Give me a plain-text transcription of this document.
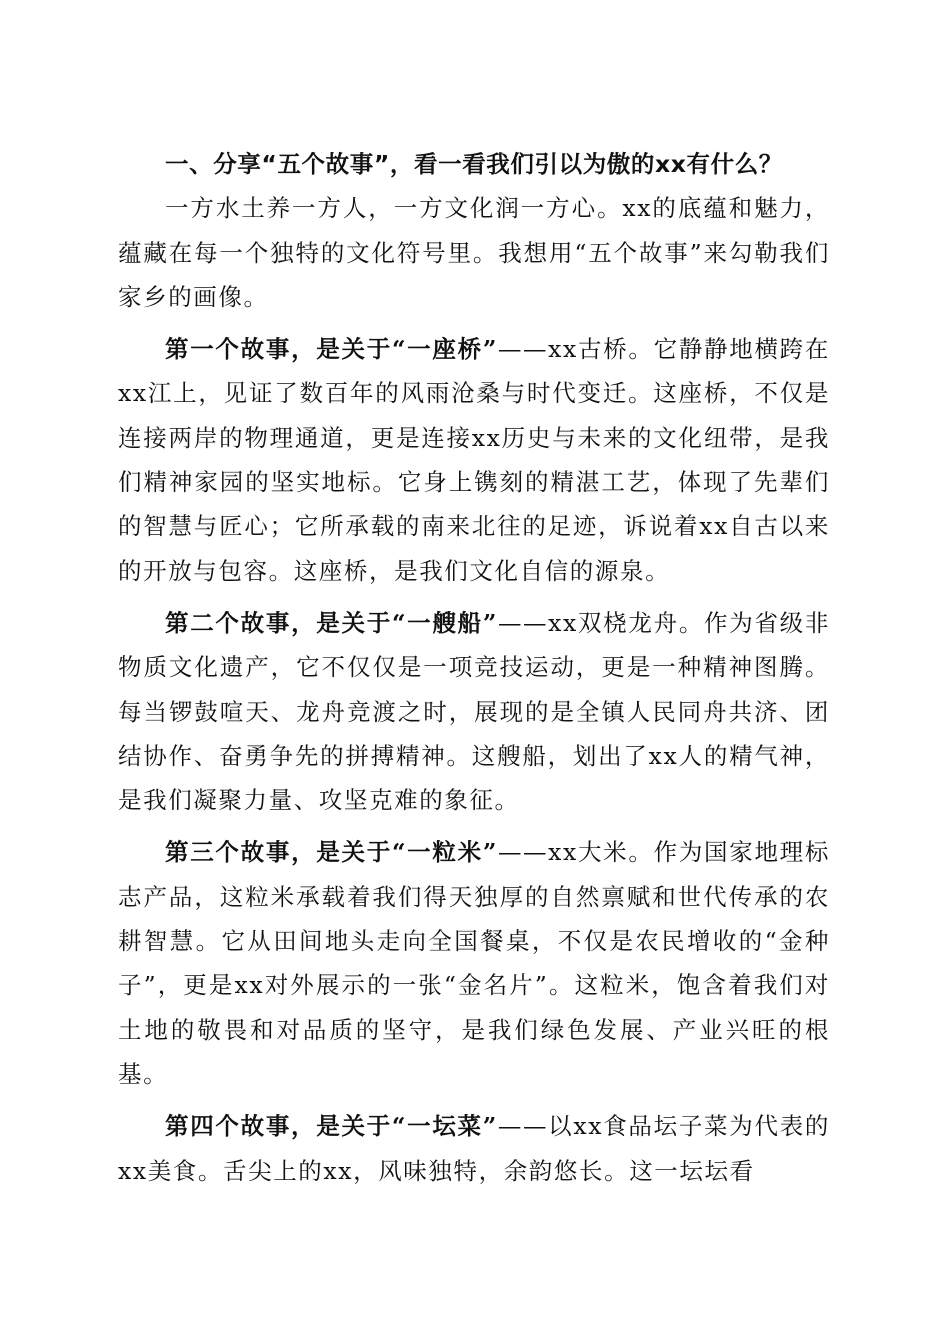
一、分享“五个故事”，看一看我们引以为傲的xx有什么？

一方水土养一方人，一方文化润一方心。xx的底蕴和魅力，蕴藏在每一个独特的文化符号里。我想用“五个故事”来勾勒我们家乡的画像。

第一个故事，是关于“一座桥”——xx古桥。它静静地横跨在xx江上，见证了数百年的风雨沧桑与时代变迁。这座桥，不仅是连接两岸的物理通道，更是连接xx历史与未来的文化纽带，是我们精神家园的坚实地标。它身上镌刻的精湛工艺，体现了先辈们的智慧与匠心；它所承载的南来北往的足迹，诉说着xx自古以来的开放与包容。这座桥，是我们文化自信的源泉。

第二个故事，是关于“一艘船”——xx双桡龙舟。作为省级非物质文化遗产，它不仅仅是一项竞技运动，更是一种精神图腾。每当锣鼓喧天、龙舟竞渡之时，展现的是全镇人民同舟共济、团结协作、奋勇争先的拼搏精神。这艘船，划出了xx人的精气神，是我们凝聚力量、攻坚克难的象征。

第三个故事，是关于“一粒米”——xx大米。作为国家地理标志产品，这粒米承载着我们得天独厚的自然禀赋和世代传承的农耕智慧。它从田间地头走向全国餐桌，不仅是农民增收的“金种子”，更是xx对外展示的一张“金名片”。这粒米，饱含着我们对土地的敬畏和对品质的坚守，是我们绿色发展、产业兴旺的根基。

第四个故事，是关于“一坛菜”——以xx食品坛子菜为代表的xx美食。舌尖上的xx，风味独特，余韵悠长。这一坛坛看
